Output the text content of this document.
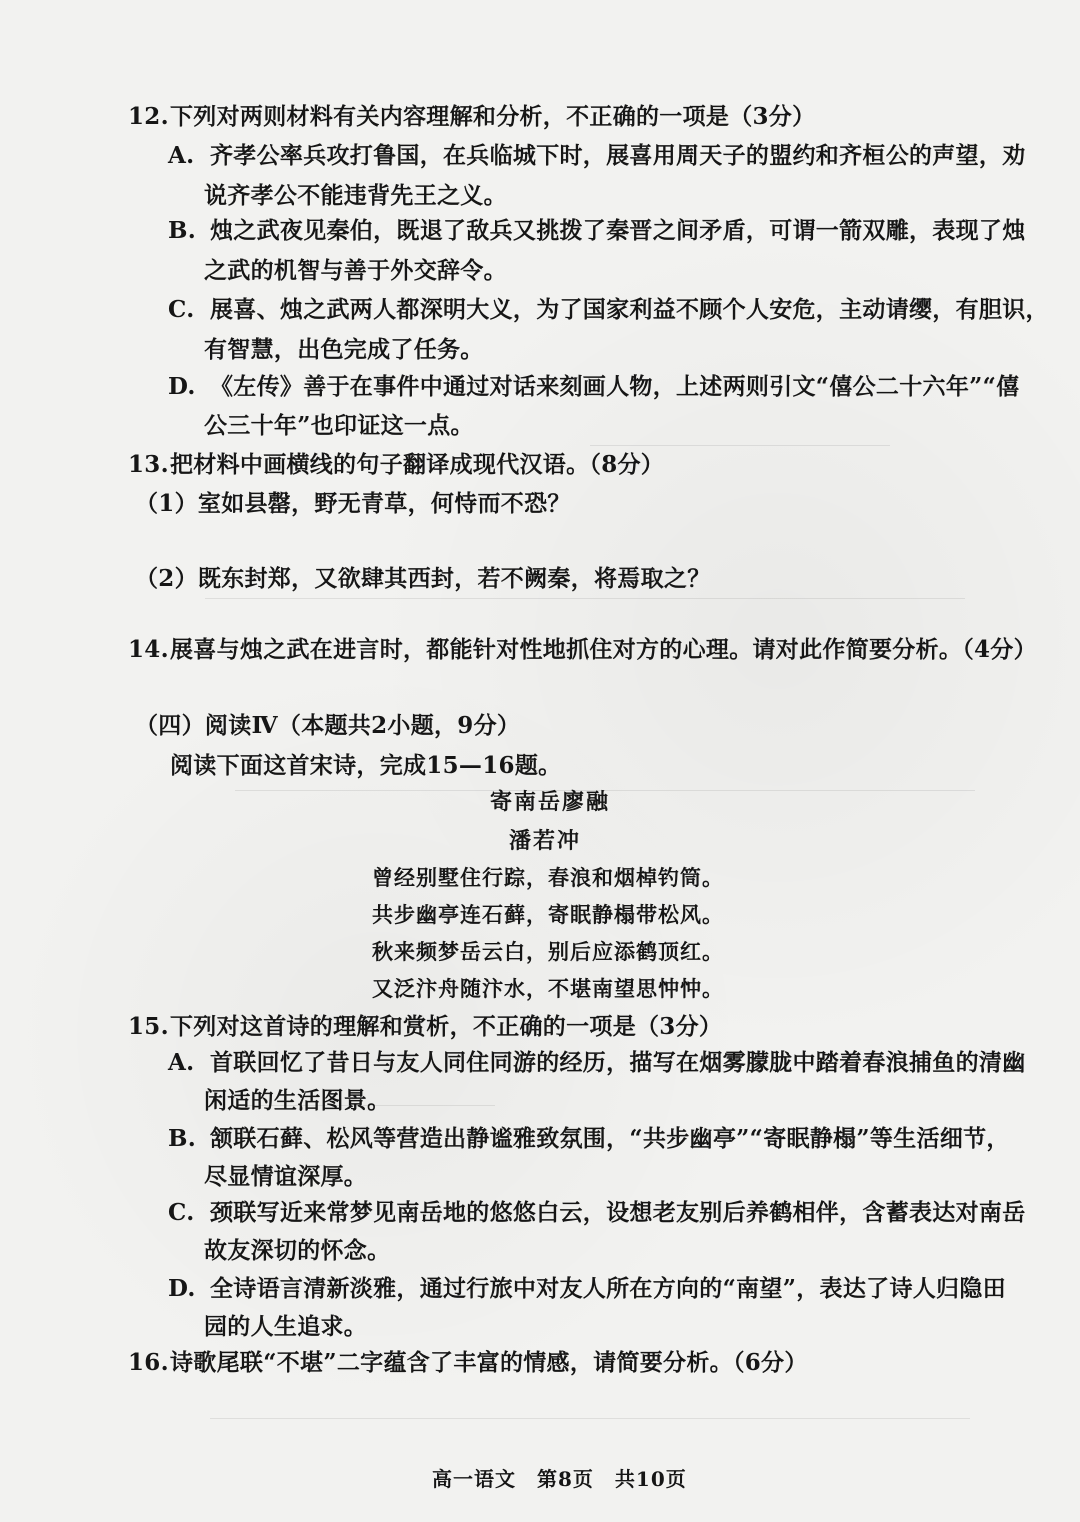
12.下列对两则材料有关内容理解和分析，不正确的一项是（3分）
A. 齐孝公率兵攻打鲁国，在兵临城下时，展喜用周天子的盟约和齐桓公的声望，劝
说齐孝公不能违背先王之义。
B. 烛之武夜见秦伯，既退了敌兵又挑拨了秦晋之间矛盾，可谓一箭双雕，表现了烛
之武的机智与善于外交辞令。
C. 展喜、烛之武两人都深明大义，为了国家利益不顾个人安危，主动请缨，有胆识，
有智慧，出色完成了任务。
D. 《左传》善于在事件中通过对话来刻画人物，上述两则引文“僖公二十六年”“僖
公三十年”也印证这一点。
13.把材料中画横线的句子翻译成现代汉语。（8分）
（1）室如县罄，野无青草，何恃而不恐？
（2）既东封郑，又欲肆其西封，若不阙秦，将焉取之？
14.展喜与烛之武在进言时，都能针对性地抓住对方的心理。请对此作简要分析。（4分）
（四）阅读Ⅳ（本题共2小题，9分）
阅读下面这首宋诗，完成15—16题。
寄南岳廖融
潘若冲
曾经别墅住行踪，春浪和烟棹钓筒。
共步幽亭连石藓，寄眠静榻带松风。
秋来频梦岳云白，别后应添鹤顶红。
又泛汴舟随汴水，不堪南望思忡忡。
15.下列对这首诗的理解和赏析，不正确的一项是（3分）
A. 首联回忆了昔日与友人同住同游的经历，描写在烟雾朦胧中踏着春浪捕鱼的清幽
闲适的生活图景。
B. 颔联石藓、松风等营造出静谧雅致氛围，“共步幽亭”“寄眠静榻”等生活细节，
尽显情谊深厚。
C. 颈联写近来常梦见南岳地的悠悠白云，设想老友别后养鹤相伴，含蓄表达对南岳
故友深切的怀念。
D. 全诗语言清新淡雅，通过行旅中对友人所在方向的“南望”，表达了诗人归隐田
园的人生追求。
16.诗歌尾联“不堪”二字蕴含了丰富的情感，请简要分析。（6分）
高一语文　第8页　共10页
